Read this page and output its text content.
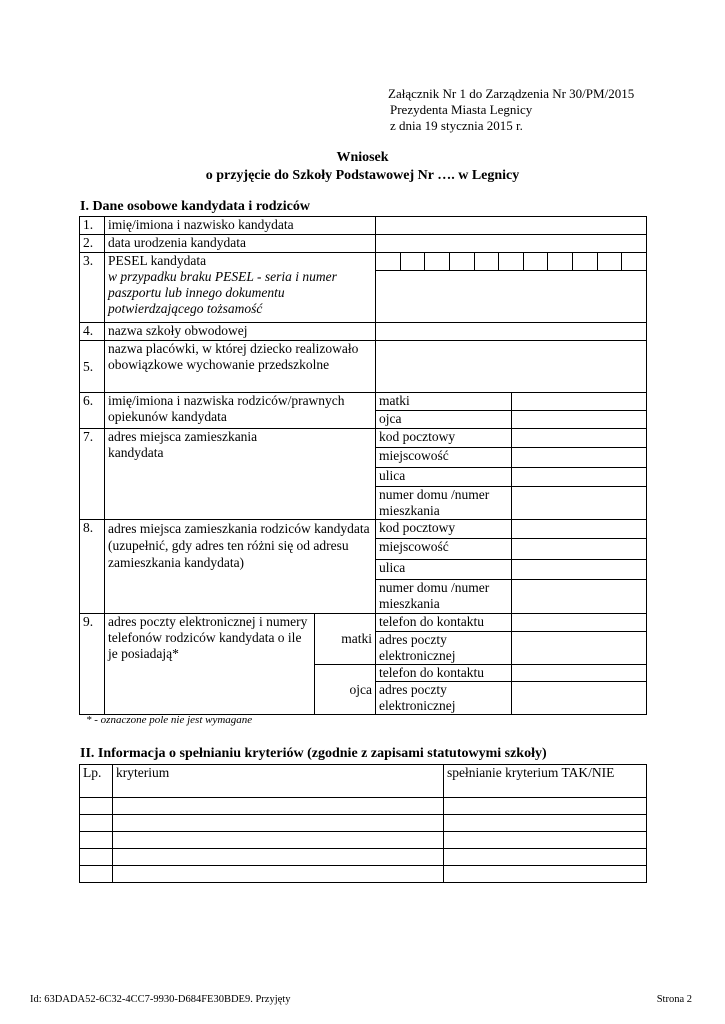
Załącznik Nr 1 do Zarządzenia Nr 30/PM/2015
Prezydenta Miasta Legnicy
z dnia 19 stycznia 2015 r.
Wniosek
o przyjęcie do Szkoły Podstawowej Nr …. w Legnicy
I. Dane osobowe kandydata i rodziców
1.	imię/imiona i nazwisko kandydata			
2.	data urodzenia kandydata			
3.	PESEL kandydata
w przypadku braku PESEL - seria i numer paszportu lub innego dokumentu potwierdzającego tożsamość			

4.	nazwa szkoły obwodowej			
5.	nazwa placówki, w której dziecko realizowało obowiązkowe wychowanie przedszkolne			
6.	imię/imiona i nazwiska rodziców/prawnych opiekunów kandydata		matki	
			ojca	
7.	adres miejsca zamieszkania kandydata		kod pocztowy	
			miejscowość	
			ulica	
			numer domu /numer mieszkania	
8.	adres miejsca zamieszkania rodziców kandydata (uzupełnić, gdy adres ten różni się od adresu zamieszkania kandydata)		kod pocztowy	
			miejscowość	
			ulica	
			numer domu /numer mieszkania	
9.	adres poczty elektronicznej i numery telefonów rodziców kandydata o ile je posiadają*	matki	telefon do kontaktu	
			adres poczty elektronicznej	
		ojca	telefon do kontaktu	
			adres poczty elektronicznej	
* - oznaczone pole nie jest wymagane
II. Informacja o spełnianiu kryteriów (zgodnie z zapisami statutowymi szkoły)
Lp.	kryterium	spełnianie kryterium TAK/NIE

Id: 63DADA52-6C32-4CC7-9930-D684FE30BDE9. Przyjęty	Strona 2
